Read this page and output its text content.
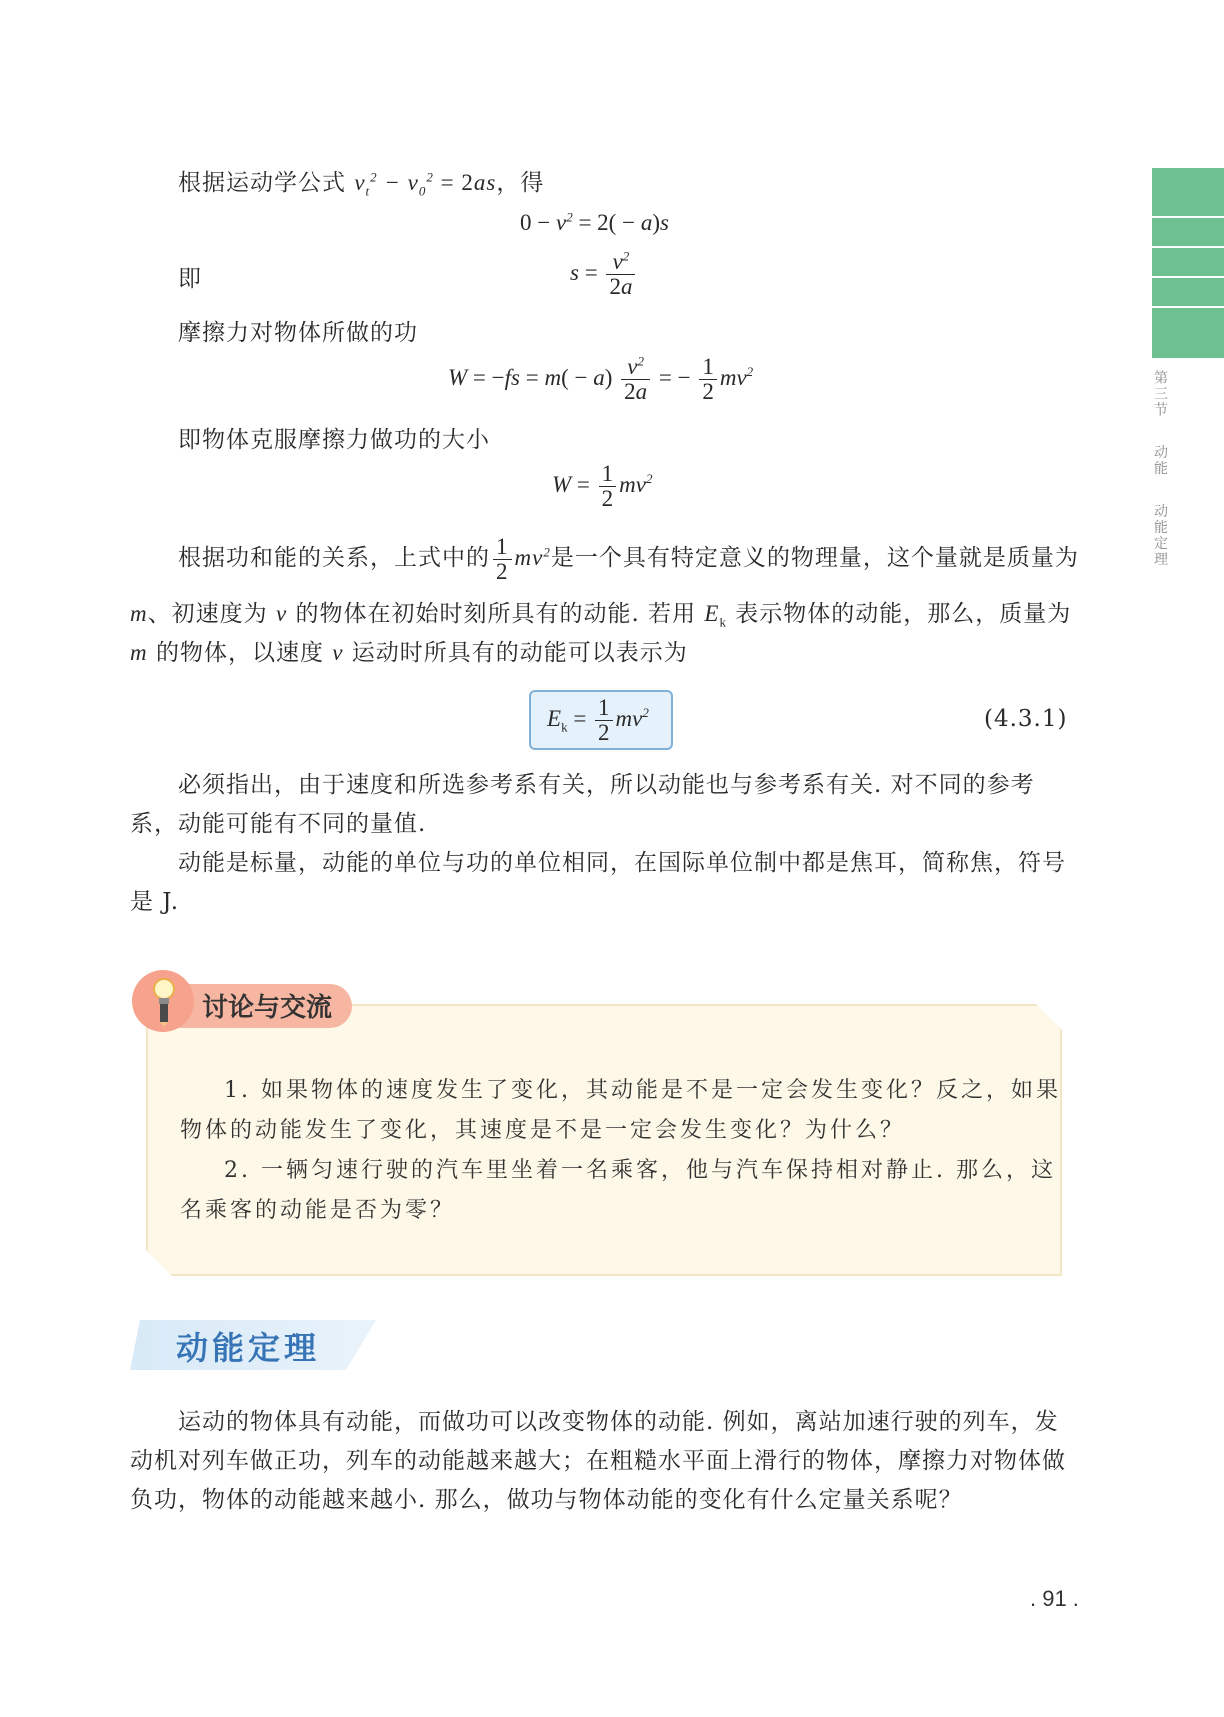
第三节  动能  动能定理
根据运动学公式 $v_t^2 - v_0^2 = 2as$，得
$0 - v^2 = 2( - a)s$
即	$s = \frac{v^2}{2a}$
摩擦力对物体所做的功
$W = -fs = m( - a) \frac{v^2}{2a}$ = − $\frac{1}{2} mv^2$
即物体克服摩擦力做功的大小
$W = \frac{1}{2} mv^2$
根据功和能的关系，上式中的 $\frac{1}{2} mv^2$是一个具有特定意义的物理量，这个量就是质量为
m、初速度为 v 的物体在初始时刻所具有的动能. 若用 $E_k$ 表示物体的动能，那么，质量为
m 的物体，以速度 v 运动时所具有的动能可以表示为
$E_k = \frac{1}{2} mv^2$	(4.3.1)
必须指出，由于速度和所选参考系有关，所以动能也与参考系有关. 对不同的参考
系，动能可能有不同的量值.
动能是标量，动能的单位与功的单位相同，在国际单位制中都是焦耳，简称焦，符号
是 J.
讨论与交流
1. 如果物体的速度发生了变化，其动能是不是一定会发生变化？反之，如果
物体的动能发生了变化，其速度是不是一定会发生变化？为什么？
2. 一辆匀速行驶的汽车里坐着一名乘客，他与汽车保持相对静止. 那么，这
名乘客的动能是否为零？
动能定理
运动的物体具有动能，而做功可以改变物体的动能. 例如，离站加速行驶的列车，发
动机对列车做正功，列车的动能越来越大；在粗糙水平面上滑行的物体，摩擦力对物体做
负功，物体的动能越来越小. 那么，做功与物体动能的变化有什么定量关系呢？
. 91 .
